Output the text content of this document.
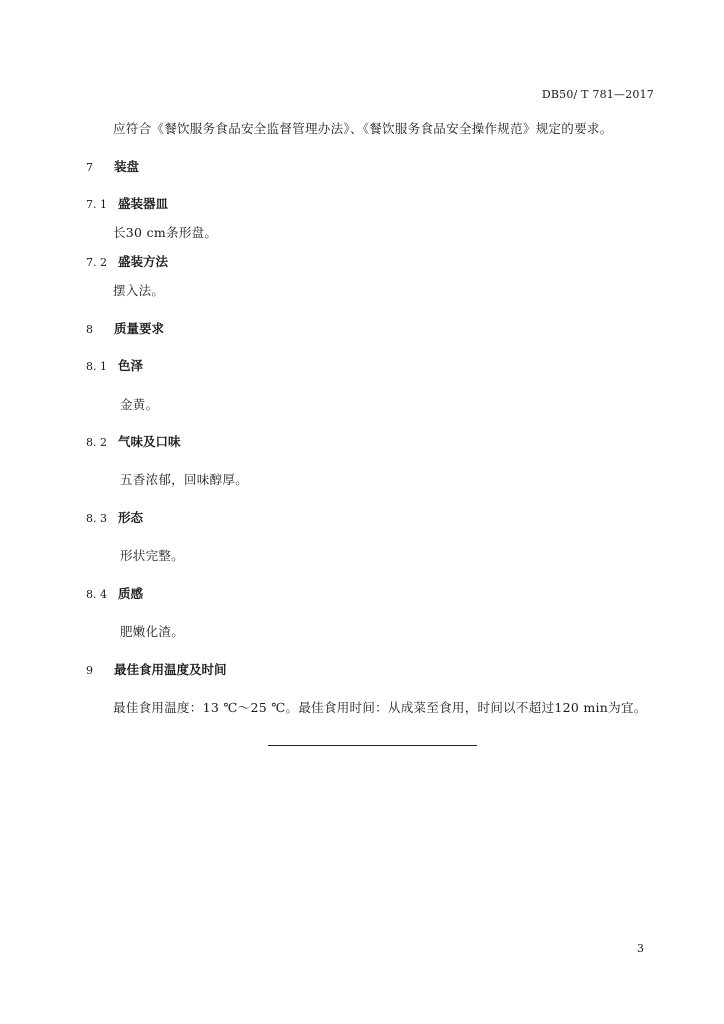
DB50/ T 781—2017
应符合《餐饮服务食品安全监督管理办法》、《餐饮服务食品安全操作规范》规定的要求。
7 装盘
7. 1 盛装器皿
长30 cm条形盘。
7. 2 盛装方法
摆入法。
8 质量要求
8. 1 色泽
金黄。
8. 2 气味及口味
五香浓郁，回味醇厚。
8. 3 形态
形状完整。
8. 4 质感
肥嫩化渣。
9 最佳食用温度及时间
最佳食用温度：13 ℃～25 ℃。最佳食用时间：从成菜至食用，时间以不超过120 min为宜。
3
